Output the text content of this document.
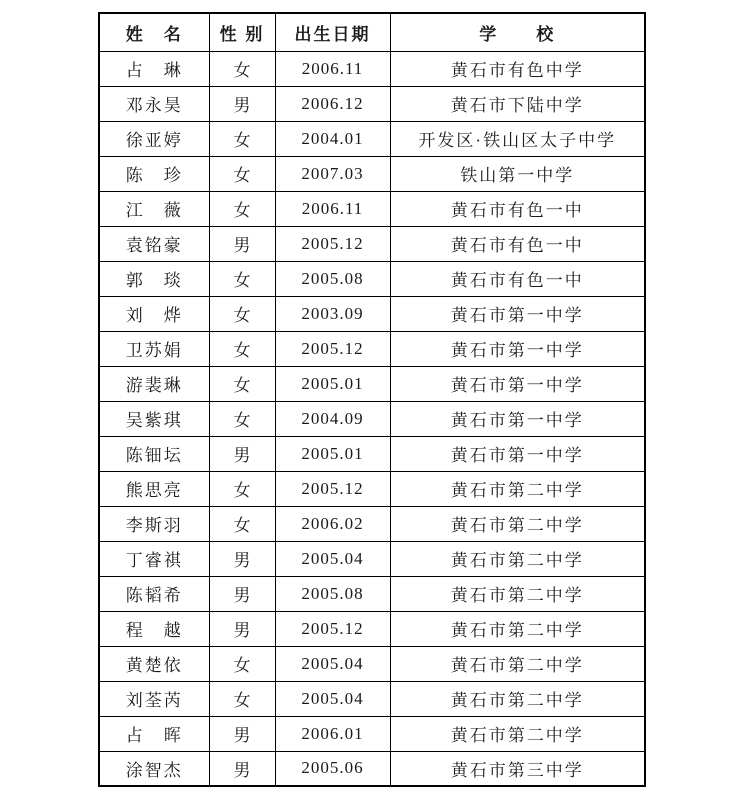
姓　名	性 别	出生日期	学　　校
占　琳	女	2006.11	黄石市有色中学
邓永昊	男	2006.12	黄石市下陆中学
徐亚婷	女	2004.01	开发区·铁山区太子中学
陈　珍	女	2007.03	铁山第一中学
江　薇	女	2006.11	黄石市有色一中
袁铭豪	男	2005.12	黄石市有色一中
郭　琰	女	2005.08	黄石市有色一中
刘　烨	女	2003.09	黄石市第一中学
卫苏娟	女	2005.12	黄石市第一中学
游裴琳	女	2005.01	黄石市第一中学
吴紫琪	女	2004.09	黄石市第一中学
陈钿坛	男	2005.01	黄石市第一中学
熊思亮	女	2005.12	黄石市第二中学
李斯羽	女	2006.02	黄石市第二中学
丁睿祺	男	2005.04	黄石市第二中学
陈韬希	男	2005.08	黄石市第二中学
程　越	男	2005.12	黄石市第二中学
黄楚依	女	2005.04	黄石市第二中学
刘荃芮	女	2005.04	黄石市第二中学
占　晖	男	2006.01	黄石市第二中学
涂智杰	男	2005.06	黄石市第三中学
